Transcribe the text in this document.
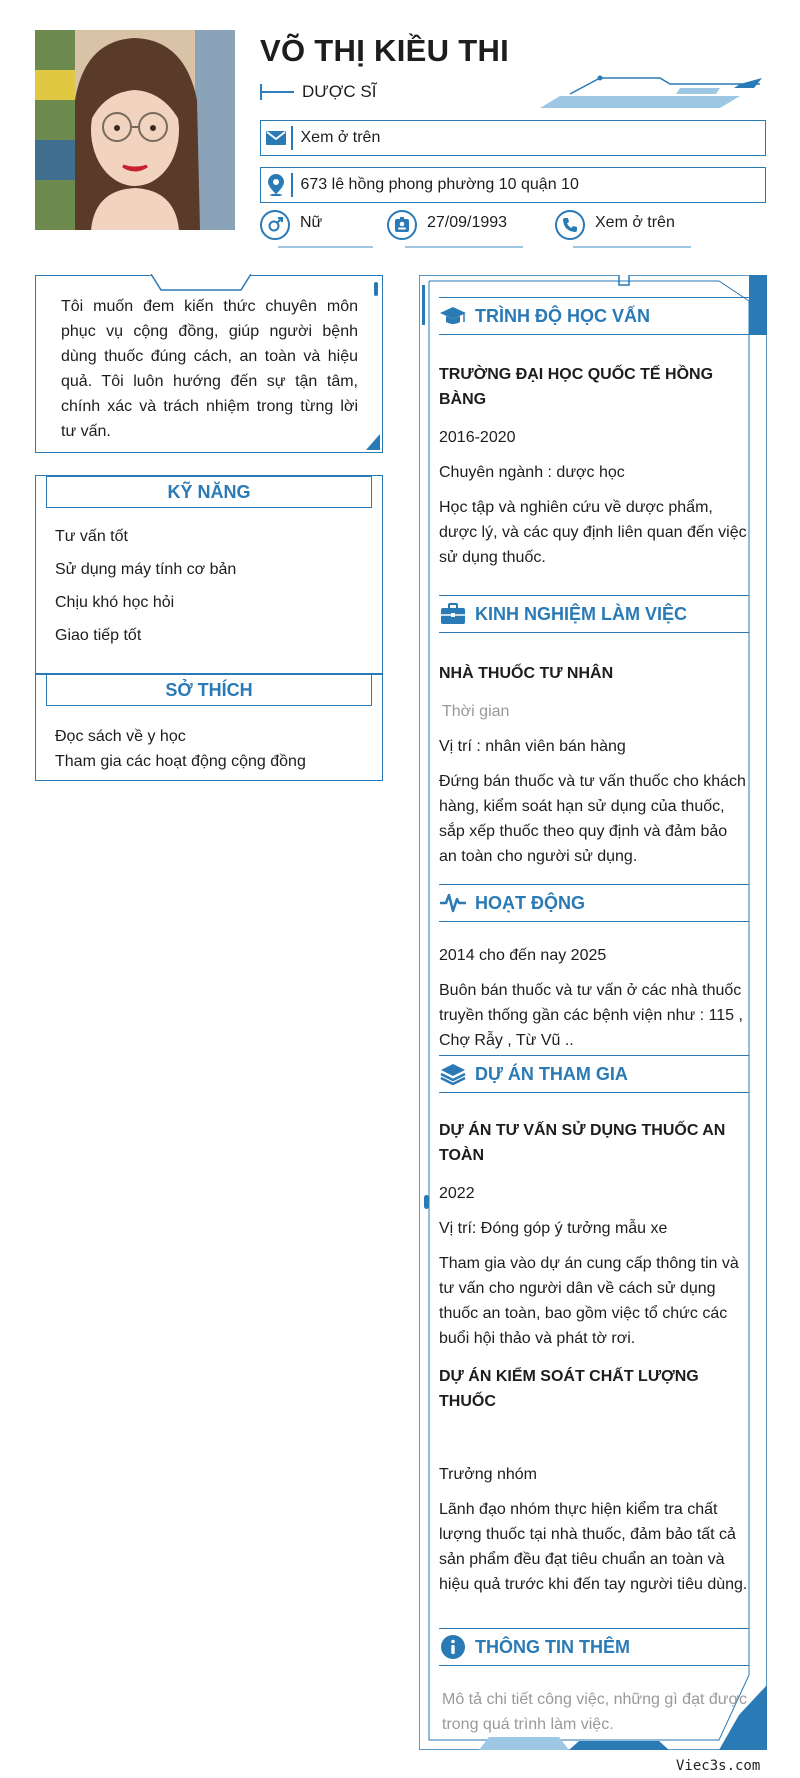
VÕ THỊ KIỀU THI
DƯỢC SĨ
Xem ở trên
673 lê hồng phong phường 10 quận 10
Nữ	27/09/1993	Xem ở trên

Tôi muốn đem kiến thức chuyên môn phục vụ cộng đồng, giúp người bệnh dùng thuốc đúng cách, an toàn và hiệu quả. Tôi luôn hướng đến sự tận tâm, chính xác và trách nhiệm trong từng lời tư vấn.

KỸ NĂNG
Tư vấn tốt
Sử dụng máy tính cơ bản
Chịu khó học hỏi
Giao tiếp tốt
SỞ THÍCH
Đọc sách về y học
Tham gia các hoạt động cộng đồng
TRÌNH ĐỘ HỌC VẤN
TRƯỜNG ĐẠI HỌC QUỐC TẾ HỒNG BÀNG
2016-2020
Chuyên ngành : dược học
Học tập và nghiên cứu về dược phẩm, dược lý, và các quy định liên quan đến việc sử dụng thuốc.
KINH NGHIỆM LÀM VIỆC
NHÀ THUỐC TƯ NHÂN
Thời gian
Vị trí : nhân viên bán hàng
Đứng bán thuốc và tư vấn thuốc cho khách hàng, kiểm soát hạn sử dụng của thuốc, sắp xếp thuốc theo quy định và đảm bảo an toàn cho người sử dụng.
HOẠT ĐỘNG
2014 cho đến nay 2025
Buôn bán thuốc và tư vấn ở các nhà thuốc truyền thống gần các bệnh viện như : 115 , Chợ Rẫy , Từ Vũ ..
DỰ ÁN THAM GIA
DỰ ÁN TƯ VẤN SỬ DỤNG THUỐC AN TOÀN
2022
Vị trí: Đóng góp ý tưởng mẫu xe
Tham gia vào dự án cung cấp thông tin và tư vấn cho người dân về cách sử dụng thuốc an toàn, bao gồm việc tổ chức các buổi hội thảo và phát tờ rơi.
DỰ ÁN KIỂM SOÁT CHẤT LƯỢNG THUỐC
Trưởng nhóm
Lãnh đạo nhóm thực hiện kiểm tra chất lượng thuốc tại nhà thuốc, đảm bảo tất cả sản phẩm đều đạt tiêu chuẩn an toàn và hiệu quả trước khi đến tay người tiêu dùng.
THÔNG TIN THÊM
Mô tả chi tiết công việc, những gì đạt được trong quá trình làm việc.
Viec3s.com
